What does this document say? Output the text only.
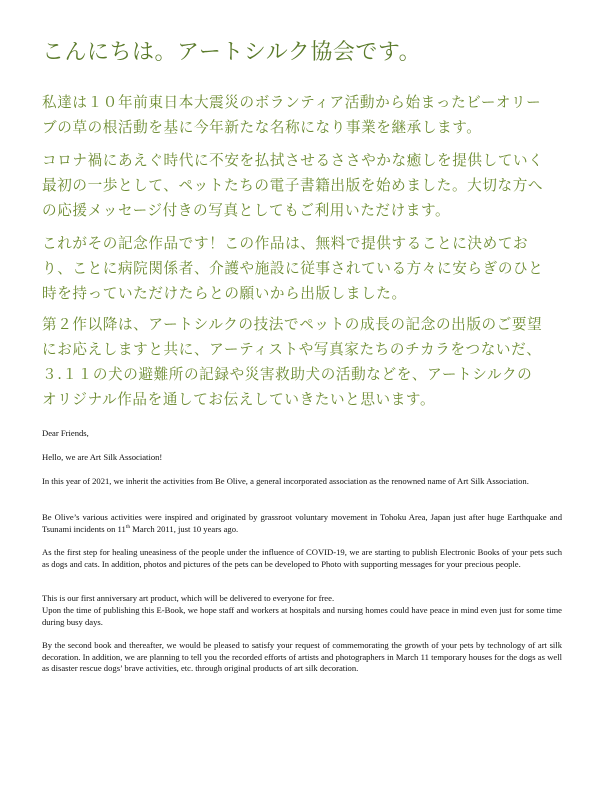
こんにちは。アートシルク協会です。
私達は１０年前東日本大震災のボランティア活動から始まったビーオリー
ブの草の根活動を基に今年新たな名称になり事業を継承します。
コロナ禍にあえぐ時代に不安を払拭させるささやかな癒しを提供していく
最初の一歩として、ペットたちの電子書籍出版を始めました。大切な方へ
の応援メッセージ付きの写真としてもご利用いただけます。
これがその記念作品です！この作品は、無料で提供することに決めてお
り、ことに病院関係者、介護や施設に従事されている方々に安らぎのひと
時を持っていただけたらとの願いから出版しました。
第２作以降は、アートシルクの技法でペットの成長の記念の出版のご要望
にお応えしますと共に、アーティストや写真家たちのチカラをつないだ、
３.１１の犬の避難所の記録や災害救助犬の活動などを、アートシルクの
オリジナル作品を通してお伝えしていきたいと思います。

Dear Friends,

Hello, we are Art Silk Association!

In this year of 2021, we inherit the activities from Be Olive, a general incorporated association as the renowned name of Art Silk Association.

Be Olive’s various activities were inspired and originated by grassroot voluntary movement in Tohoku Area, Japan just after huge Earthquake and Tsunami incidents on 11th March 2011, just 10 years ago.

As the first step for healing uneasiness of the people under the influence of COVID-19, we are starting to publish Electronic Books of your pets such as dogs and cats. In addition, photos and pictures of the pets can be developed to Photo with supporting messages for your precious people.

This is our first anniversary art product, which will be delivered to everyone for free.

Upon the time of publishing this E-Book, we hope staff and workers at hospitals and nursing homes could have peace in mind even just for some time during busy days.

By the second book and thereafter, we would be pleased to satisfy your request of commemorating the growth of your pets by technology of art silk decoration. In addition, we are planning to tell you the recorded efforts of artists and photographers in March 11 temporary houses for the dogs as well as disaster rescue dogs’ brave activities, etc. through original products of art silk decoration.
